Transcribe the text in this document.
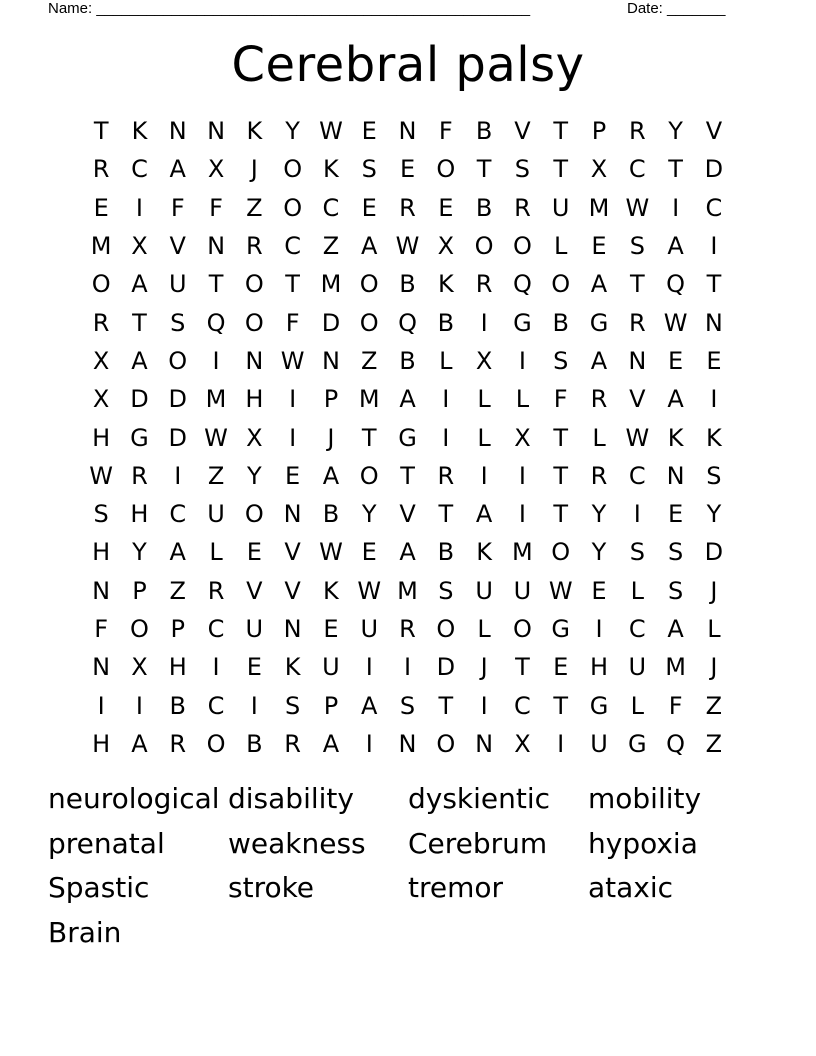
Name: ____________________________________________________	Date: _______
Cerebral palsy
T K N N K Y W E N F B V T P R Y V
R C A X	J	O K S E O T S T X C T D
E	I	F	F Z O C E R E B R U M W I	C
M X V N R C Z A W X O O L	E S A	I
O A U T O T M O B K R Q O A T Q T
R T S Q O F D O Q B	I	G B G R W N
X A O	I	N W N Z B L X	I	S A N E E
X D D M H	I	P M A	I	L	L	F R V A	I
H G D W X	I	J	T G	I	L X T	L W K K
W R	I	Z Y E A O T R	I	I	T R C N S
S H C U O N B Y V T A	I	T Y	I	E Y
H Y A L	E V W E A B K M O Y S S D
N P Z R V V K W M S U U W E	L	S	J
F O P C U N E U R O L O G	I	C A L
N X H	I	E K U	I	I	D	J	T E H U M	J
I	I	B C	I	S P A S T	I	C T G L	F Z
H A R O B R A	I	N O N X	I	U G Q Z
neurological disability	dyskientic	mobility
prenatal	weakness	Cerebrum	hypoxia
Spastic	stroke	tremor	ataxic
Brain
